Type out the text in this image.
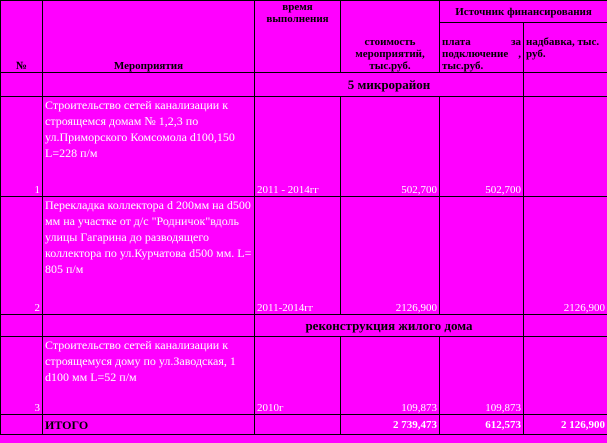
№	Мероприятия	время выполнения	стоимость мероприятий, тыс.руб.	Источник финансирования	
				плата за подключение , тыс.руб.	надбавка, тыс. руб.
		5 микрорайон			
1	Строительство сетей канализации к строящемся домам № 1,2,3 по ул.Приморского Комсомола d100,150 L=228 п/м	2011 - 2014гг	502,700	502,700	
2	Перекладка коллектора d 200мм на d500 мм на участке от д/с "Родничок"вдоль улицы Гагарина до разводящего коллектора по ул.Курчатова d500 мм. L= 805 п/м	2011-2014гг	2126,900		2126,900
		реконструкция жилого дома			
3	Строительство сетей канализации к строящемуся дому по ул.Заводская, 1 d100 мм L=52 п/м	2010г	109,873	109,873	
	ИТОГО		2 739,473	612,573	2 126,900
